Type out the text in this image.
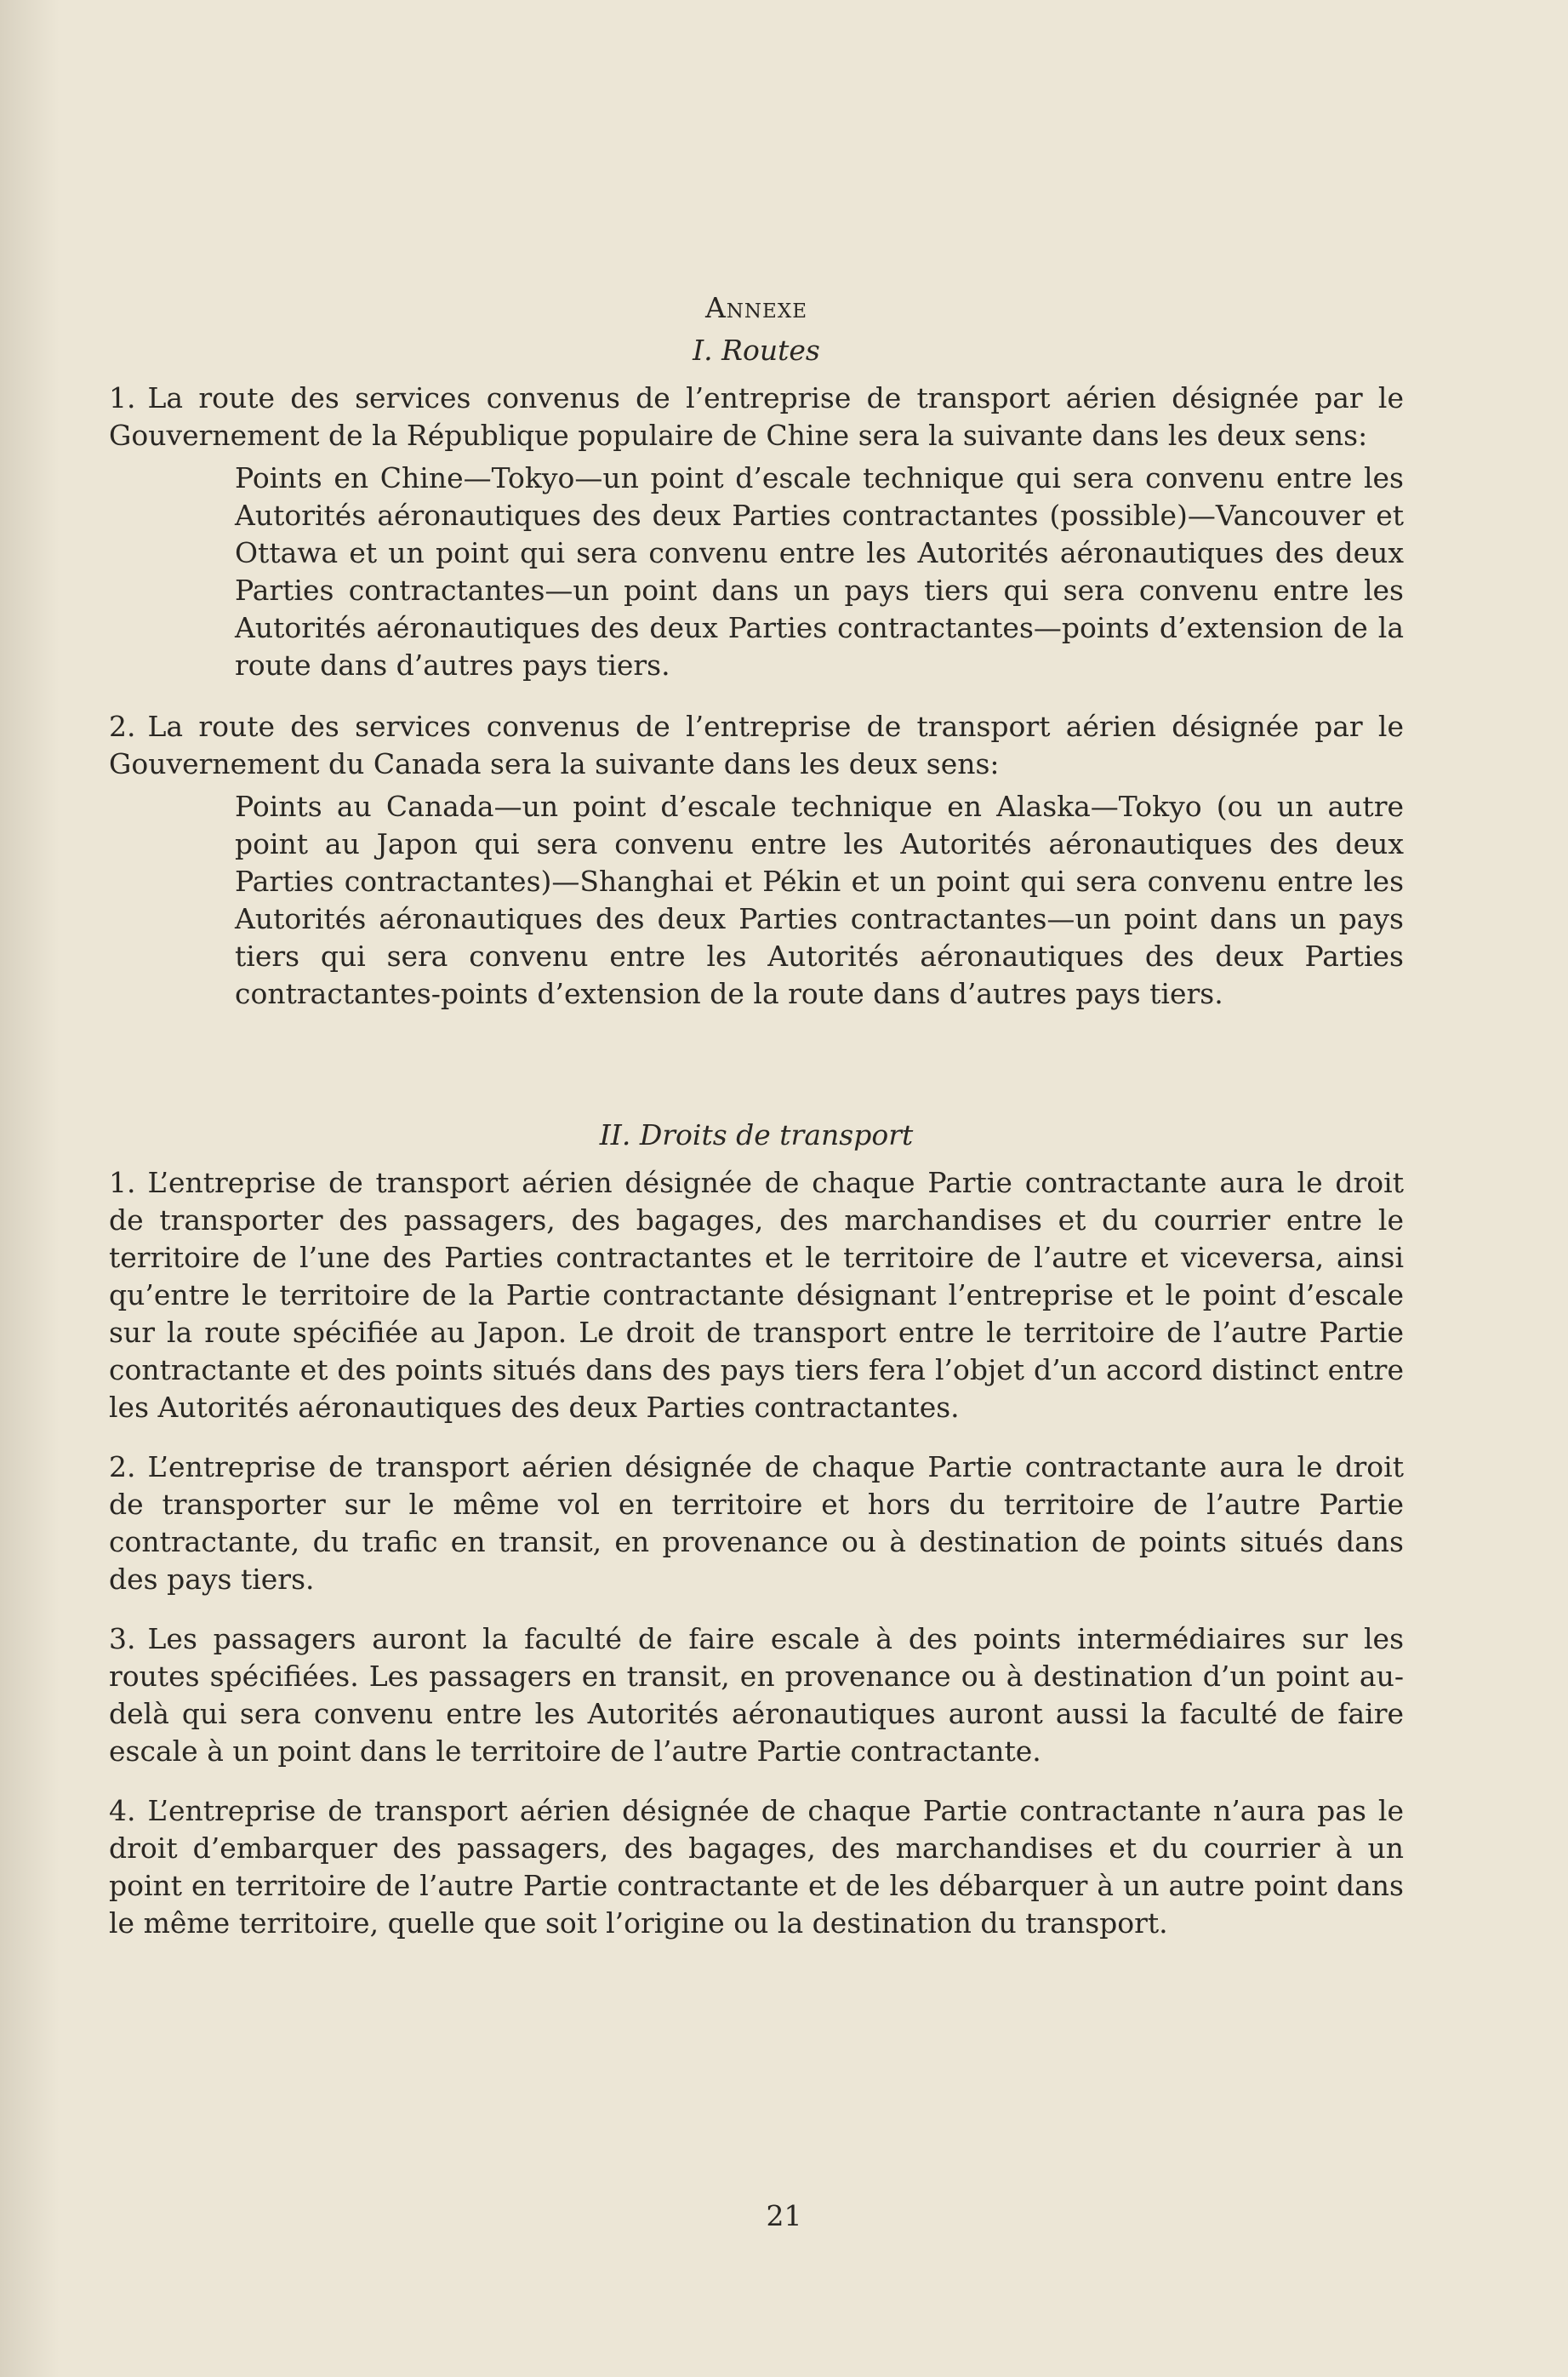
Annexe
I. Routes

1. La route des services convenus de l’entreprise de transport aérien désignée par le Gouvernement de la République populaire de Chine sera la suivante dans les deux sens:

Points en Chine—Tokyo—un point d’escale technique qui sera convenu entre les Autorités aéronautiques des deux Parties contractantes (possible)—Vancouver et Ottawa et un point qui sera convenu entre les Autorités aéronautiques des deux Parties contractantes—un point dans un pays tiers qui sera convenu entre les Autorités aéronautiques des deux Parties contractantes—points d’extension de la route dans d’autres pays tiers.

2. La route des services convenus de l’entreprise de transport aérien désignée par le Gouvernement du Canada sera la suivante dans les deux sens:

Points au Canada—un point d’escale technique en Alaska—Tokyo (ou un autre point au Japon qui sera convenu entre les Autorités aéronautiques des deux Parties contractantes)—Shanghai et Pékin et un point qui sera convenu entre les Autorités aéronautiques des deux Parties contractantes—un point dans un pays tiers qui sera convenu entre les Autorités aéronautiques des deux Parties contractantes-points d’extension de la route dans d’autres pays tiers.

II. Droits de transport

1. L’entreprise de transport aérien désignée de chaque Partie contractante aura le droit de transporter des passagers, des bagages, des marchandises et du courrier entre le territoire de l’une des Parties contractantes et le territoire de l’autre et viceversa, ainsi qu’entre le territoire de la Partie contractante désignant l’entreprise et le point d’escale sur la route spécifiée au Japon. Le droit de transport entre le territoire de l’autre Partie contractante et des points situés dans des pays tiers fera l’objet d’un accord distinct entre les Autorités aéronautiques des deux Parties contractantes.

2. L’entreprise de transport aérien désignée de chaque Partie contractante aura le droit de transporter sur le même vol en territoire et hors du territoire de l’autre Partie contractante, du trafic en transit, en provenance ou à destination de points situés dans des pays tiers.

3. Les passagers auront la faculté de faire escale à des points intermédiaires sur les routes spécifiées. Les passagers en transit, en provenance ou à destination d’un point au-delà qui sera convenu entre les Autorités aéronautiques auront aussi la faculté de faire escale à un point dans le territoire de l’autre Partie contractante.

4. L’entreprise de transport aérien désignée de chaque Partie contractante n’aura pas le droit d’embarquer des passagers, des bagages, des marchandises et du courrier à un point en territoire de l’autre Partie contractante et de les débarquer à un autre point dans le même territoire, quelle que soit l’origine ou la destination du transport.

21
